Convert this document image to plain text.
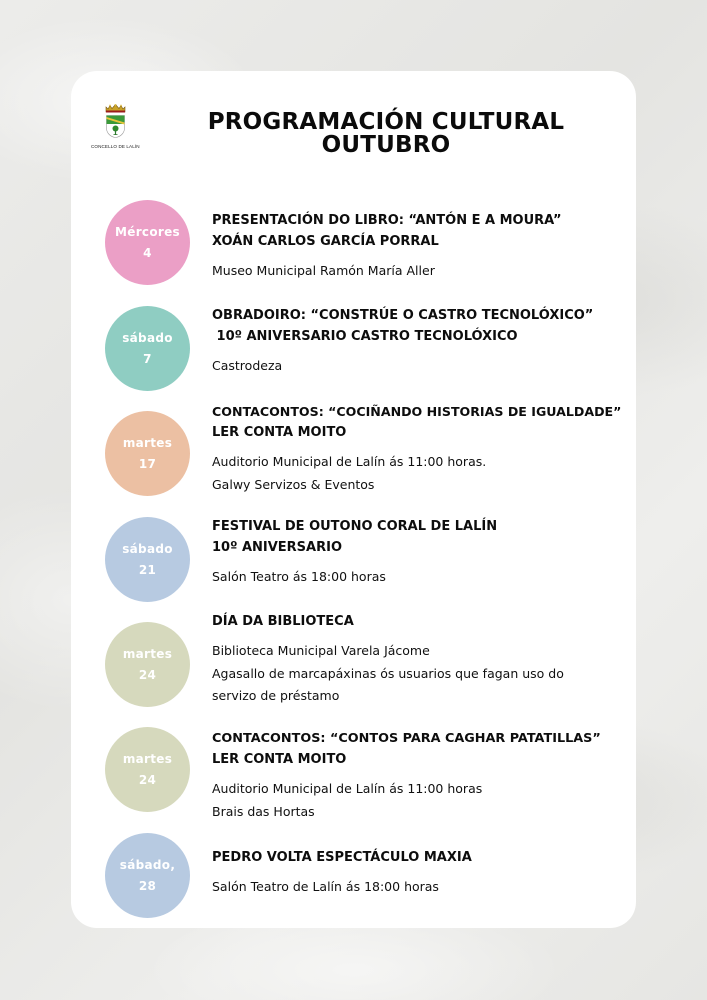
CONCELLO DE LALÍN
PROGRAMACIÓN CULTURAL
OUTUBRO
Mércores
4
PRESENTACIÓN DO LIBRO: “ANTÓN E A MOURA”
XOÁN CARLOS GARCÍA PORRAL
Museo Municipal Ramón María Aller
sábado
7
OBRADOIRO: “CONSTRÚE O CASTRO TECNOLÓXICO”
10º ANIVERSARIO CASTRO TECNOLÓXICO
Castrodeza
martes
17
CONTACONTOS: “COCIÑANDO HISTORIAS DE IGUALDADE”
LER CONTA MOITO
Auditorio Municipal de Lalín ás 11:00 horas.
Galwy Servizos & Eventos
sábado
21
FESTIVAL DE OUTONO CORAL DE LALÍN
10º ANIVERSARIO
Salón Teatro ás 18:00 horas
martes
24
DÍA DA BIBLIOTECA
Biblioteca Municipal Varela Jácome
Agasallo de marcapáxinas ós usuarios que fagan uso do
servizo de préstamo
martes
24
CONTACONTOS: “CONTOS PARA CAGHAR PATATILLAS”
LER CONTA MOITO
Auditorio Municipal de Lalín ás 11:00 horas
Brais das Hortas
sábado,
28
PEDRO VOLTA ESPECTÁCULO MAXIA
Salón Teatro de Lalín ás 18:00 horas
